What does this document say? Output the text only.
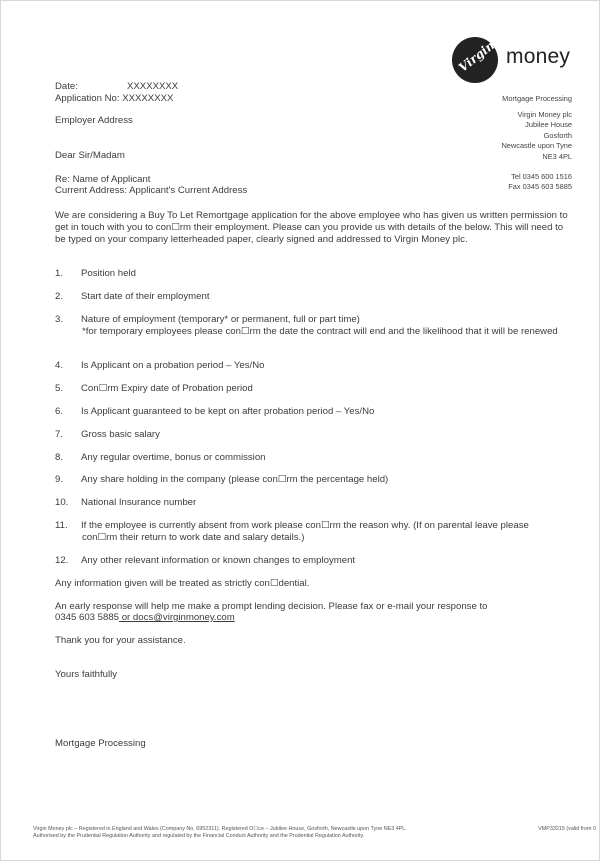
Virgin money
Mortgage Processing
Virgin Money plc
Jubilee House
Gosforth
Newcastle upon Tyne
NE3 4PL
Tel 0345 600 1516
Fax 0345 603 5885
Date:	XXXXXXXX
Application No: XXXXXXXX
Employer Address
Dear Sir/Madam
Re: Name of Applicant
Current Address: Applicant's Current Address
We are considering a Buy To Let Remortgage application for the above employee who has given us written permission to get in touch with you to con☐rm their employment. Please can you provide us with details of the below. This will need to be typed on your company letterheaded paper, clearly signed and addressed to Virgin Money plc.
1. Position held
2. Start date of their employment
3. Nature of employment (temporary* or permanent, full or part time)
*for temporary employees please con☐rm the date the contract will end and the likelihood that it will be renewed
4. Is Applicant on a probation period – Yes/No
5. Con☐rm Expiry date of Probation period
6. Is Applicant guaranteed to be kept on after probation period – Yes/No
7. Gross basic salary
8. Any regular overtime, bonus or commission
9. Any share holding in the company (please con☐rm the percentage held)
10. National Insurance number
11. If the employee is currently absent from work please con☐rm the reason why. (If on parental leave please
con☐rm their return to work date and salary details.)
12. Any other relevant information or known changes to employment
Any information given will be treated as strictly con☐dential.
An early response will help me make a prompt lending decision. Please fax or e-mail your response to
0345 603 5885 or docs@virginmoney.com
Thank you for your assistance.
Yours faithfully
Mortgage Processing
Virgin Money plc – Registered in England and Wales (Company No. 6952311). Registered O☐ce – Jubilee House, Gosforth, Newcastle upon Tyne NE3 4PL.
Authorised by the Prudential Regulation Authority and regulated by the Financial Conduct Authority and the Prudential Regulation Authority.
VMP33215 (valid from 0
